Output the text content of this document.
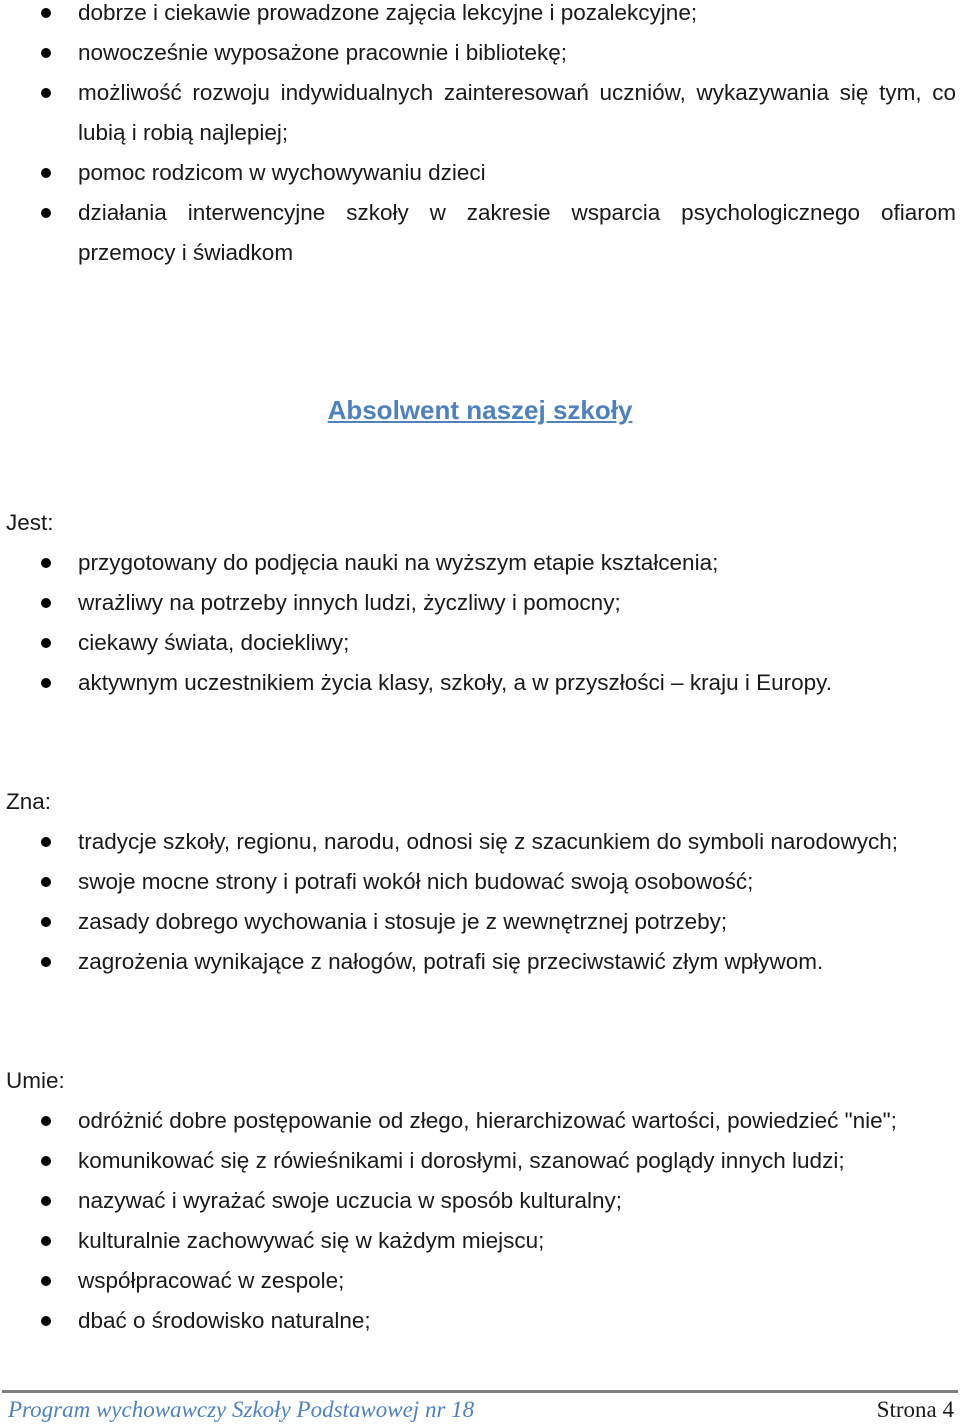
dobrze i ciekawie prowadzone zajęcia lekcyjne i pozalekcyjne;
nowocześnie wyposażone pracownie i bibliotekę;
możliwość rozwoju indywidualnych zainteresowań uczniów, wykazywania się tym, co lubią i robią najlepiej;
pomoc rodzicom w wychowywaniu dzieci
działania interwencyjne szkoły w zakresie wsparcia psychologicznego ofiarom przemocy i świadkom
Absolwent naszej szkoły
Jest:
przygotowany do podjęcia nauki na wyższym etapie kształcenia;
wrażliwy na potrzeby innych ludzi, życzliwy i pomocny;
ciekawy świata, dociekliwy;
aktywnym uczestnikiem życia klasy, szkoły, a w przyszłości – kraju i Europy.
Zna:
tradycje szkoły, regionu, narodu, odnosi się z szacunkiem do symboli narodowych;
swoje mocne strony i potrafi wokół nich budować swoją osobowość;
zasady dobrego wychowania i stosuje je z wewnętrznej potrzeby;
zagrożenia wynikające z nałogów, potrafi się przeciwstawić złym wpływom.
Umie:
odróżnić dobre postępowanie od złego, hierarchizować wartości, powiedzieć "nie";
komunikować się z rówieśnikami i dorosłymi, szanować poglądy innych ludzi;
nazywać i wyrażać swoje uczucia w sposób kulturalny;
kulturalnie zachowywać się w każdym miejscu;
współpracować w zespole;
dbać o środowisko naturalne;
Program wychowawczy Szkoły Podstawowej nr 18	Strona 4
